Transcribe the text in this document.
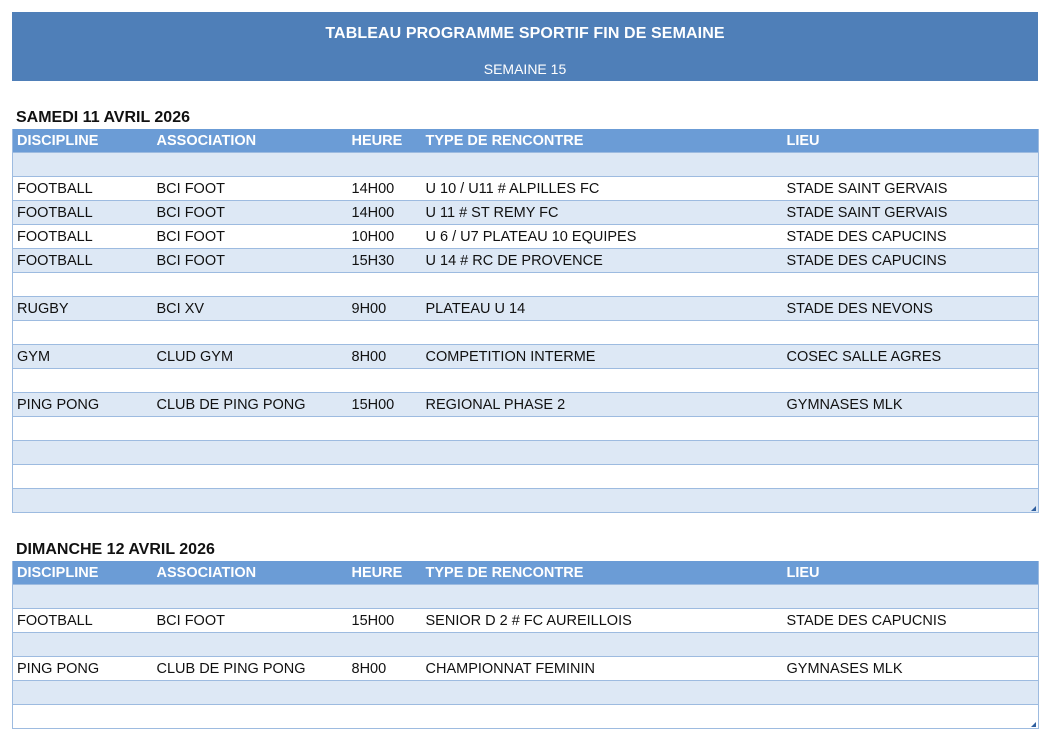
TABLEAU PROGRAMME SPORTIF FIN DE SEMAINE
SEMAINE 15
SAMEDI 11 AVRIL 2026
DISCIPLINE	ASSOCIATION	HEURE	TYPE DE RENCONTRE	LIEU

FOOTBALL	BCI FOOT	14H00	U 10 / U11 # ALPILLES FC	STADE SAINT GERVAIS
FOOTBALL	BCI FOOT	14H00	U 11 # ST REMY FC	STADE SAINT GERVAIS
FOOTBALL	BCI FOOT	10H00	U 6 / U7 PLATEAU 10 EQUIPES	STADE DES CAPUCINS
FOOTBALL	BCI FOOT	15H30	U 14 # RC DE PROVENCE	STADE DES CAPUCINS

RUGBY	BCI XV	9H00	PLATEAU U 14	STADE DES NEVONS

GYM	CLUD GYM	8H00	COMPETITION INTERME	COSEC SALLE AGRES

PING PONG	CLUB DE PING PONG	15H00	REGIONAL PHASE 2	GYMNASES MLK

DIMANCHE 12 AVRIL 2026
DISCIPLINE	ASSOCIATION	HEURE	TYPE DE RENCONTRE	LIEU

FOOTBALL	BCI FOOT	15H00	SENIOR D 2 # FC AUREILLOIS	STADE DES CAPUCNIS

PING PONG	CLUB DE PING PONG	8H00	CHAMPIONNAT FEMININ	GYMNASES MLK
